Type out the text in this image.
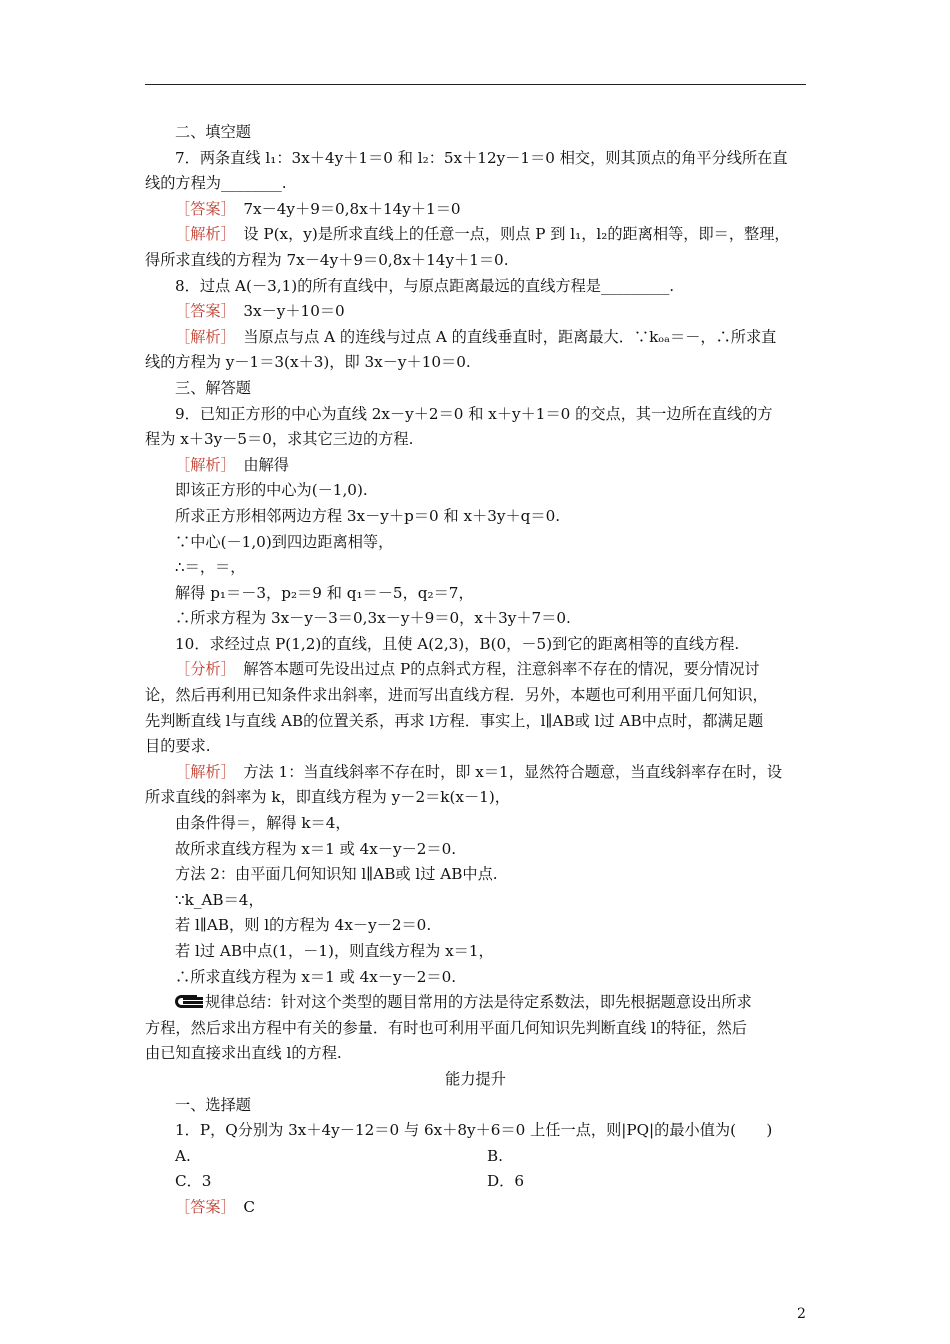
二、填空题

7．两条直线 l₁：3x＋4y＋1＝0 和 l₂：5x＋12y－1＝0 相交，则其顶点的角平分线所在直

线的方程为________.

［答案］　7x－4y＋9＝0,8x＋14y＋1＝0

［解析］　设 P(x，y)是所求直线上的任意一点，则点 P 到 l₁，l₂的距离相等，即＝，整理，

得所求直线的方程为 7x－4y＋9＝0,8x＋14y＋1＝0.

8．过点 A(－3,1)的所有直线中，与原点距离最远的直线方程是_________.

［答案］　3x－y＋10＝0

［解析］　当原点与点 A 的连线与过点 A 的直线垂直时，距离最大．∵kₒₐ＝－，∴所求直

线的方程为 y－1＝3(x＋3)，即 3x－y＋10＝0.

三、解答题

9．已知正方形的中心为直线 2x－y＋2＝0 和 x＋y＋1＝0 的交点，其一边所在直线的方

程为 x＋3y－5＝0，求其它三边的方程.

［解析］　由解得

即该正方形的中心为(－1,0).

所求正方形相邻两边方程 3x－y＋p＝0 和 x＋3y＋q＝0.

∵中心(－1,0)到四边距离相等，

∴＝，＝，

解得 p₁＝－3，p₂＝9 和 q₁＝－5，q₂＝7，

∴所求方程为 3x－y－3＝0,3x－y＋9＝0，x＋3y＋7＝0.

10．求经过点 P(1,2)的直线，且使 A(2,3)，B(0，－5)到它的距离相等的直线方程.

［分析］　解答本题可先设出过点 P的点斜式方程，注意斜率不存在的情况，要分情况讨

论，然后再利用已知条件求出斜率，进而写出直线方程．另外，本题也可利用平面几何知识，

先判断直线 l与直线 AB的位置关系，再求 l方程．事实上，l∥AB或 l过 AB中点时，都满足题

目的要求.

［解析］　方法 1：当直线斜率不存在时，即 x＝1，显然符合题意，当直线斜率存在时，设

所求直线的斜率为 k，即直线方程为 y－2＝k(x－1)，

由条件得＝，解得 k＝4，

故所求直线方程为 x＝1 或 4x－y－2＝0.

方法 2：由平面几何知识知 l∥AB或 l过 AB中点.

∵k_AB＝4，

若 l∥AB，则 l的方程为 4x－y－2＝0.

若 l过 AB中点(1，－1)，则直线方程为 x＝1，

∴所求直线方程为 x＝1 或 4x－y－2＝0.

规律总结：针对这个类型的题目常用的方法是待定系数法，即先根据题意设出所求

方程，然后求出方程中有关的参量．有时也可利用平面几何知识先判断直线 l的特征，然后

由已知直接求出直线 l的方程.

能力提升

一、选择题

1．P，Q分别为 3x＋4y－12＝0 与 6x＋8y＋6＝0 上任一点，则|PQ|的最小值为(　　)

A.	B.

C．3	D．6

［答案］　C

2
